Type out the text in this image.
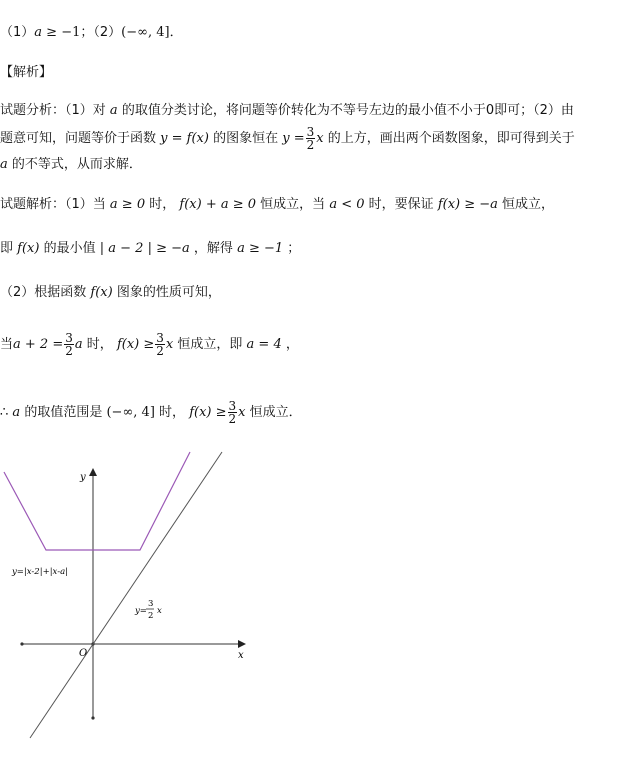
（1）a ≥ −1；（2）(−∞, 4]．
【解析】
试题分析：（1）对 a 的取值分类讨论，将问题等价转化为不等号左边的最小值不小于0即可；（2）由
题意可知，问题等价于函数 y = f(x) 的图象恒在 $y = \frac{3}{2}$ x 的上方，画出两个函数图象，即可得到关于
a 的不等式，从而求解．
试题解析：（1）当 a ≥ 0 时， f(x) + a ≥ 0 恒成立，当 a < 0 时，要保证 f(x) ≥ −a 恒成立，
即 f(x) 的最小值 | a − 2 | ≥ −a ，解得 a ≥ −1 ；
（2）根据函数 f(x) 图象的性质可知，
当$a + 2 = \frac{3}{2}$ a 时， $f(x) \ge \frac{3}{2}$ x 恒成立，即 a = 4 ，
∴ a 的取值范围是 (−∞, 4] 时， $f(x) \ge \frac{3}{2}$ x 恒成立．
y
x
O
y=|x-2|+|x-a|
y=
3
2 x
